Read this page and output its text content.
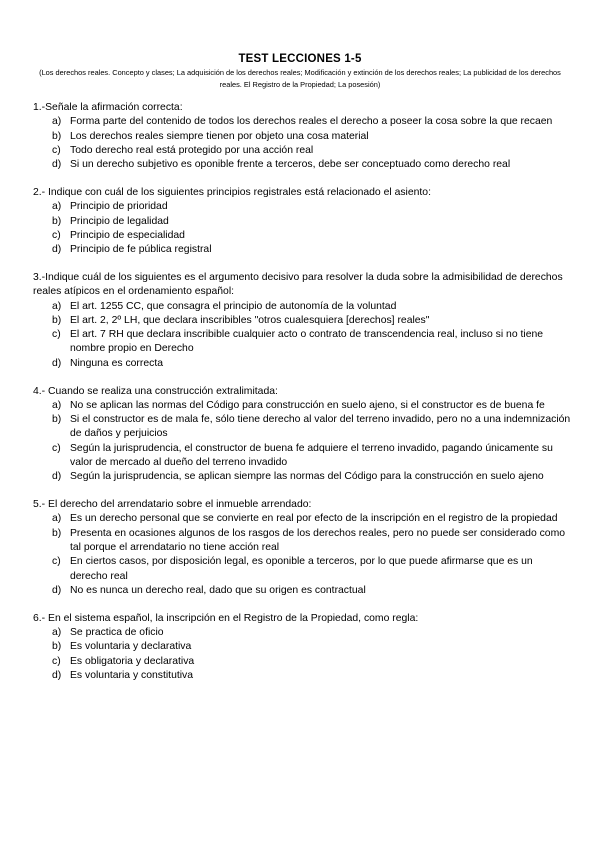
TEST LECCIONES 1-5
(Los derechos reales. Concepto y clases; La adquisición de los derechos reales; Modificación y extinción de los derechos reales; La publicidad de los derechos reales. El Registro de la Propiedad; La posesión)
1.-Señale la afirmación correcta:
a) Forma parte del contenido de todos los derechos reales el derecho a poseer la cosa sobre la que recaen
b) Los derechos reales siempre tienen por objeto una cosa material
c) Todo derecho real está protegido por una acción real
d) Si un derecho subjetivo es oponible frente a terceros, debe ser conceptuado como derecho real
2.- Indique con cuál de los siguientes principios registrales está relacionado el asiento:
a) Principio de prioridad
b) Principio de legalidad
c) Principio de especialidad
d) Principio de fe pública registral
3.-Indique cuál de los siguientes es el argumento decisivo para resolver la duda sobre la admisibilidad de derechos reales atípicos en el ordenamiento español:
a) El art. 1255 CC, que consagra el principio de autonomía de la voluntad
b) El art. 2, 2º LH, que declara inscribibles "otros cualesquiera [derechos] reales"
c) El art. 7 RH que declara inscribible cualquier acto o contrato de transcendencia real, incluso si no tiene nombre propio en Derecho
d) Ninguna es correcta
4.- Cuando se realiza una construcción extralimitada:
a) No se aplican las normas del Código para construcción en suelo ajeno, si el constructor es de buena fe
b) Si el constructor es de mala fe, sólo tiene derecho al valor del terreno invadido, pero no a una indemnización de daños y perjuicios
c) Según la jurisprudencia, el constructor de buena fe adquiere el terreno invadido, pagando únicamente su valor de mercado al dueño del terreno invadido
d) Según la jurisprudencia, se aplican siempre las normas del Código para la construcción en suelo ajeno
5.- El derecho del arrendatario sobre el inmueble arrendado:
a) Es un derecho personal que se convierte en real por efecto de la inscripción en el registro de la propiedad
b) Presenta en ocasiones algunos de los rasgos de los derechos reales, pero no puede ser considerado como tal porque el arrendatario no tiene acción real
c) En ciertos casos, por disposición legal, es oponible a terceros, por lo que puede afirmarse que es un derecho real
d) No es nunca un derecho real, dado que su origen es contractual
6.- En el sistema español, la inscripción en el Registro de la Propiedad, como regla:
a) Se practica de oficio
b) Es voluntaria y declarativa
c) Es obligatoria y declarativa
d) Es voluntaria y constitutiva
